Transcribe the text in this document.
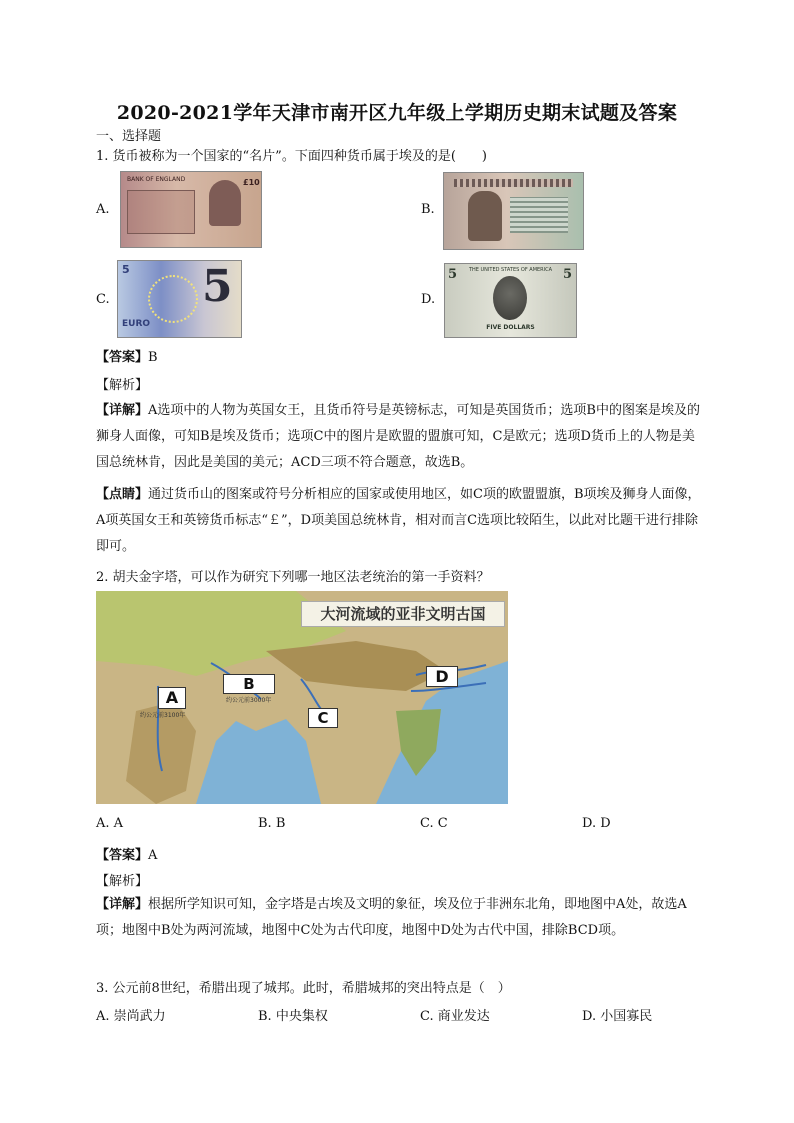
2020-2021学年天津市南开区九年级上学期历史期末试题及答案
一、选择题
1. 货币被称为一个国家的“名片”。下面四种货币属于埃及的是(　　)
A.
BANK OF ENGLAND	£10
B.
C.
5 5
EURO
D.
THE UNITED STATES OF AMERICA
5	5
FIVE DOLLARS
【答案】B
【解析】
【详解】A选项中的人物为英国女王，且货币符号是英镑标志，可知是英国货币；选项B中的图案是埃及的狮身人面像，可知B是埃及货币；选项C中的图片是欧盟的盟旗可知，C是欧元；选项D货币上的人物是美国总统林肯，因此是美国的美元；ACD三项不符合题意，故选B。
【点睛】通过货币山的图案或符号分析相应的国家或使用地区，如C项的欧盟盟旗，B项埃及狮身人面像，A项英国女王和英镑货币标志“￡”，D项美国总统林肯，相对而言C选项比较陌生，以此对比题干进行排除即可。
2. 胡夫金字塔，可以作为研究下列哪一地区法老统治的第一手资料？
大河流域的亚非文明古国
A
B
C
D
约公元前3100年
约公元前3000年
A. A	B. B	C. C	D. D
【答案】A
【解析】
【详解】根据所学知识可知，金字塔是古埃及文明的象征，埃及位于非洲东北角，即地图中A处，故选A项；地图中B处为两河流域，地图中C处为古代印度，地图中D处为古代中国，排除BCD项。
3. 公元前8世纪，希腊出现了城邦。此时，希腊城邦的突出特点是（　）
A. 崇尚武力	B. 中央集权	C. 商业发达	D. 小国寡民
